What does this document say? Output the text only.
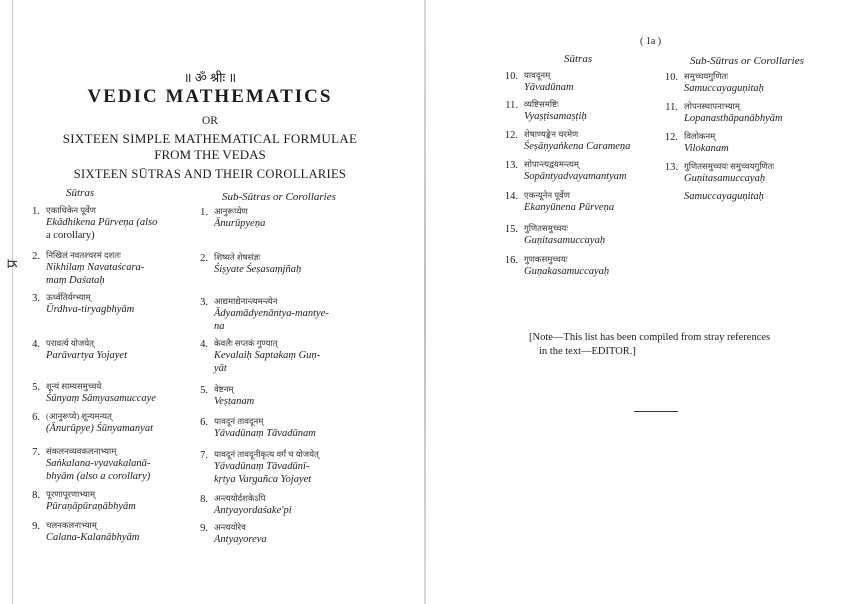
प्र
॥ ॐ श्रीः ॥
VEDIC MATHEMATICS
OR
SIXTEEN SIMPLE MATHEMATICAL FORMULAE
FROM THE VEDAS
SIXTEEN SŪTRAS AND THEIR COROLLARIES
Sūtras	Sub-Sūtras or Corollaries
1. एकाधिकेन पूर्वेण
Ekādhikena Pūrveṇa (also
a corollary)
2. निखिलं नवतश्चरमं दशतः
Nikhilaṃ Navataścara-
maṃ Daśataḥ
3. ऊर्ध्वतिर्यग्भ्याम्
Ūrdhva-tiryagbhyām
4. परावर्त्य योजयेत्
Parāvartya Yojayet
5. शून्यं साम्यसमुच्चये
Śūnyaṃ Sāmyasamuccaye
6. (आनुरूप्ये) शून्यमन्यत्
(Ānurūpye) Śūnyamanyat
7. संकलनव्यवकलनाभ्याम्
Saṅkalana-vyavakalanā-
bhyām (also a corollary)
8. पूरणापूरणाभ्याम्
Pūraṇāpūraṇābhyām
9. चलनकलनाभ्याम्
Calana-Kalanābhyām
1. आनुरूप्येण
Ānurūpyeṇa
2. शिष्यते शेषसंज्ञः
Śiṣyate Śeṣasaṃjñaḥ
3. आद्यमाद्येनान्त्यमन्त्येन
Ādyamādyenāntya-mantye-
na
4. केवलैः सप्तकं गुण्यात्
Kevalaiḥ Saptakaṃ Guṇ-
yāt
5. वेष्टनम्
Veṣṭanam
6. यावदूनं तावदूनम्
Yāvadūnaṃ Tāvadūnam
7. यावदूनं तावदूनीकृत्य वर्गं च योजयेत्
Yāvadūnaṃ Tāvadūnī-
kṛtya Vargañca Yojayet
8. अन्त्ययोर्दशकेऽपि
Antyayordaśake'pi
9. अन्त्ययोरेव
Antyayoreva
( 1a )
Sūtras	Sub-Sūtras or Corollaries
10. यावदूनम्
Yāvadūnam
11. व्यष्टिसमष्टिः
Vyaṣṭisamaṣṭiḥ
12. शेषाण्यङ्केन चरमेण
Śeṣāṇyaṅkena Carameṇa
13. सोपान्त्यद्वयमन्त्यम्
Sopāntyadvayamantyam
14. एकन्यूनेन पूर्वेण
Ekanyūnena Pūrveṇa
15. गुणितसमुच्चयः
Guṇitasamuccayaḥ
16. गुणकसमुच्चयः
Guṇakasamuccayaḥ
10. समुच्चयगुणितः
Samuccayaguṇitaḥ
11. लोपनस्थापनाभ्याम्
Lopanasthāpanābhyām
12. विलोकनम्
Vilokanam
13. गुणितसमुच्चयः समुच्चयगुणितः
Guṇitasamuccayaḥ
Samuccayaguṇitaḥ
[Note—This list has been compiled from stray references
in the text—EDITOR.]
